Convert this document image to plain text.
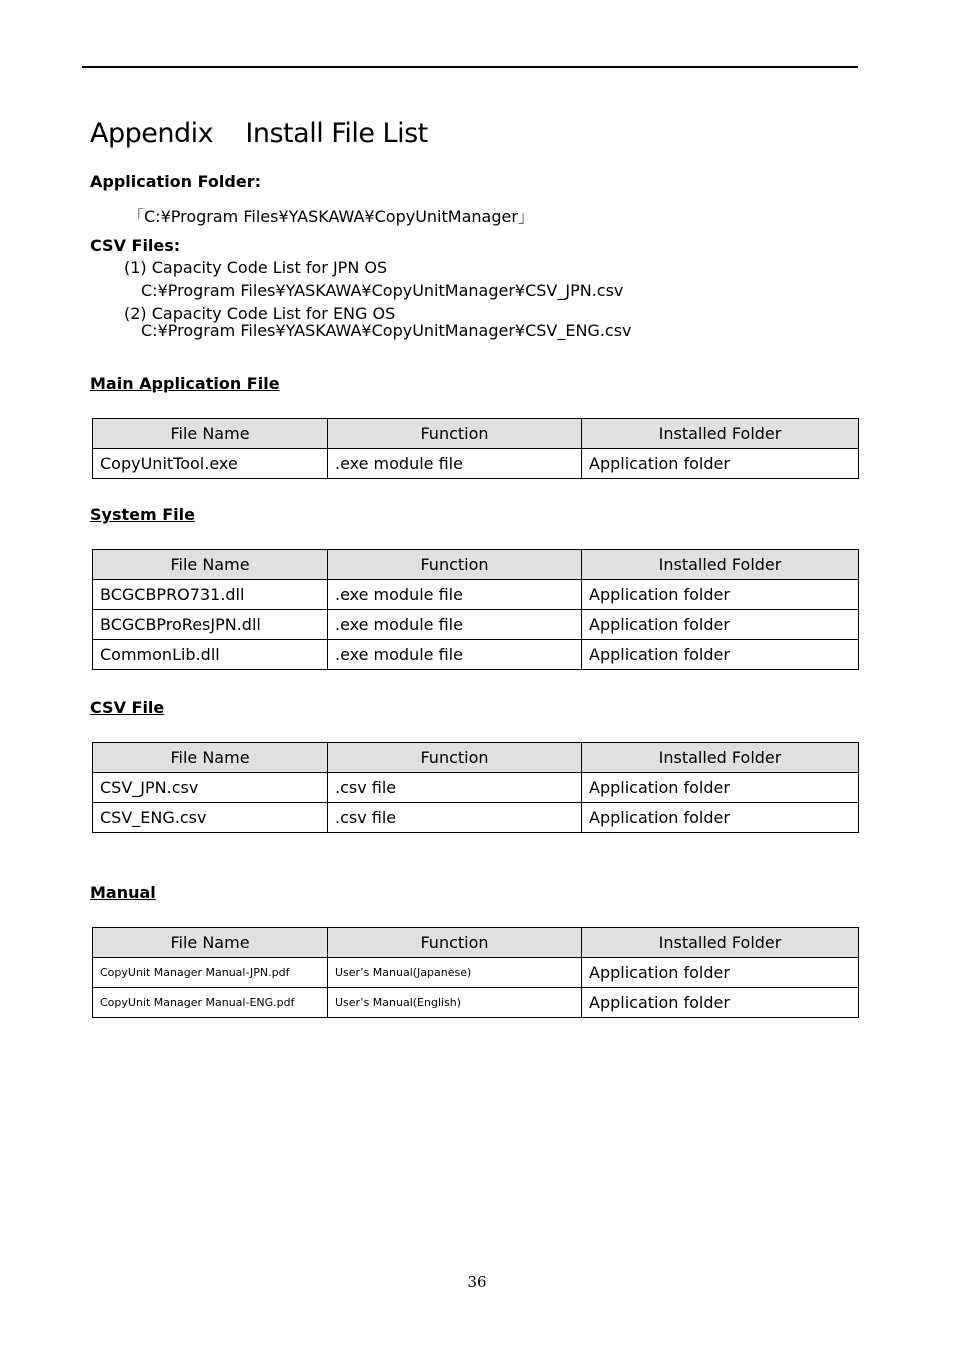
Appendix    Install File List
Application Folder:
「C:¥Program Files¥YASKAWA¥CopyUnitManager」
CSV Files:
(1) Capacity Code List for JPN OS
C:¥Program Files¥YASKAWA¥CopyUnitManager¥CSV_JPN.csv
(2) Capacity Code List for ENG OS
C:¥Program Files¥YASKAWA¥CopyUnitManager¥CSV_ENG.csv
Main Application File
File Name	Function	Installed Folder
CopyUnitTool.exe	.exe module file	Application folder
System File
File Name	Function	Installed Folder
BCGCBPRO731.dll	.exe module file	Application folder
BCGCBProResJPN.dll	.exe module file	Application folder
CommonLib.dll	.exe module file	Application folder
CSV File
File Name	Function	Installed Folder
CSV_JPN.csv	.csv file	Application folder
CSV_ENG.csv	.csv file	Application folder
Manual
File Name	Function	Installed Folder
CopyUnit Manager Manual-JPN.pdf	User’s Manual(Japanese)	Application folder
CopyUnit Manager Manual-ENG.pdf	User’s Manual(English)	Application folder
36
